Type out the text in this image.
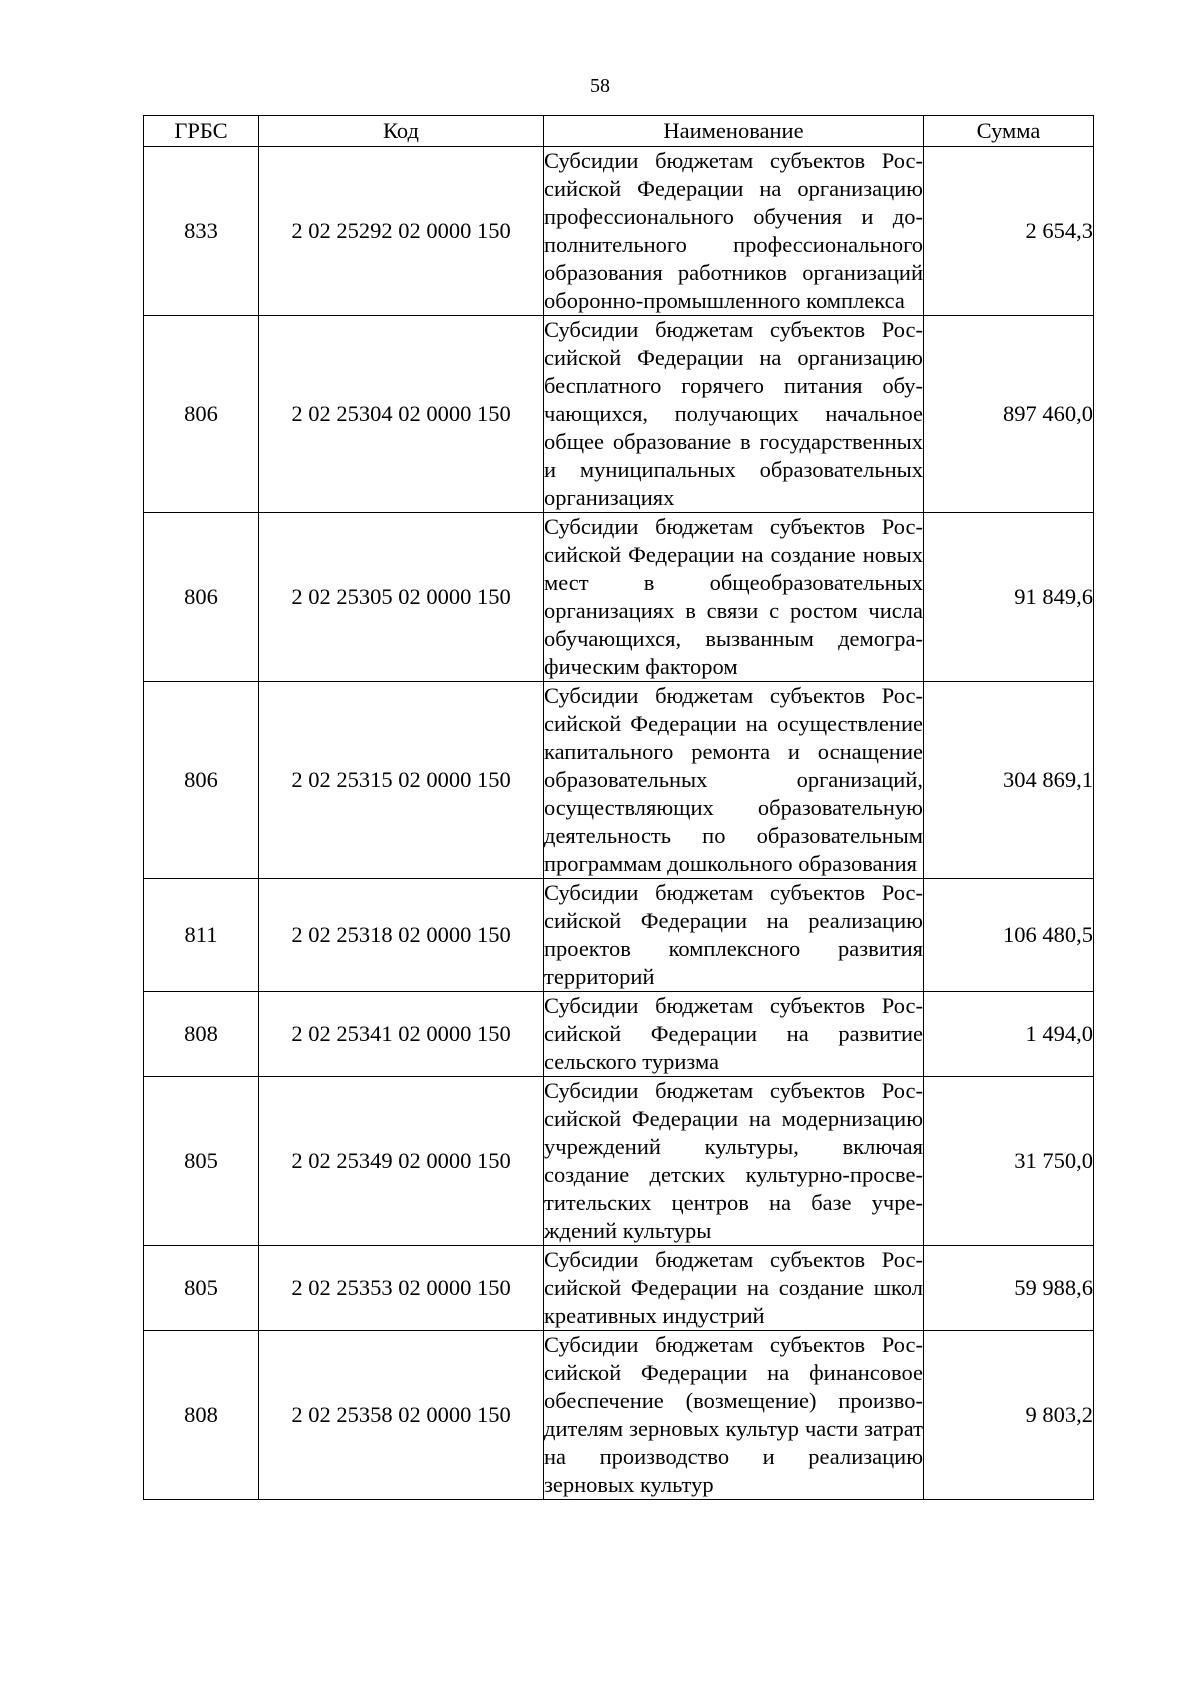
58
ГРБС	Код	Наименование	Сумма
833	2 02 25292 02 0000 150	Субсидии бюджетам субъектов Российской Федерации на организацию профессионального обучения и дополнительного профессионального образования работников организаций оборонно-промышленного комплекса	2 654,3
806	2 02 25304 02 0000 150	Субсидии бюджетам субъектов Российской Федерации на организацию бесплатного горячего питания обучающихся, получающих начальное общее образование в государственных и муниципальных образовательных организациях	897 460,0
806	2 02 25305 02 0000 150	Субсидии бюджетам субъектов Российской Федерации на создание новых мест в общеобразовательных организациях в связи с ростом числа обучающихся, вызванным демографическим фактором	91 849,6
806	2 02 25315 02 0000 150	Субсидии бюджетам субъектов Российской Федерации на осуществление капитального ремонта и оснащение образовательных организаций, осуществляющих образовательную деятельность по образовательным программам дошкольного образования	304 869,1
811	2 02 25318 02 0000 150	Субсидии бюджетам субъектов Российской Федерации на реализацию проектов комплексного развития территорий	106 480,5
808	2 02 25341 02 0000 150	Субсидии бюджетам субъектов Российской Федерации на развитие сельского туризма	1 494,0
805	2 02 25349 02 0000 150	Субсидии бюджетам субъектов Российской Федерации на модернизацию учреждений культуры, включая создание детских культурно-просветительских центров на базе учреждений культуры	31 750,0
805	2 02 25353 02 0000 150	Субсидии бюджетам субъектов Российской Федерации на создание школ креативных индустрий	59 988,6
808	2 02 25358 02 0000 150	Субсидии бюджетам субъектов Российской Федерации на финансовое обеспечение (возмещение) производителям зерновых культур части затрат на производство и реализацию зерновых культур	9 803,2
